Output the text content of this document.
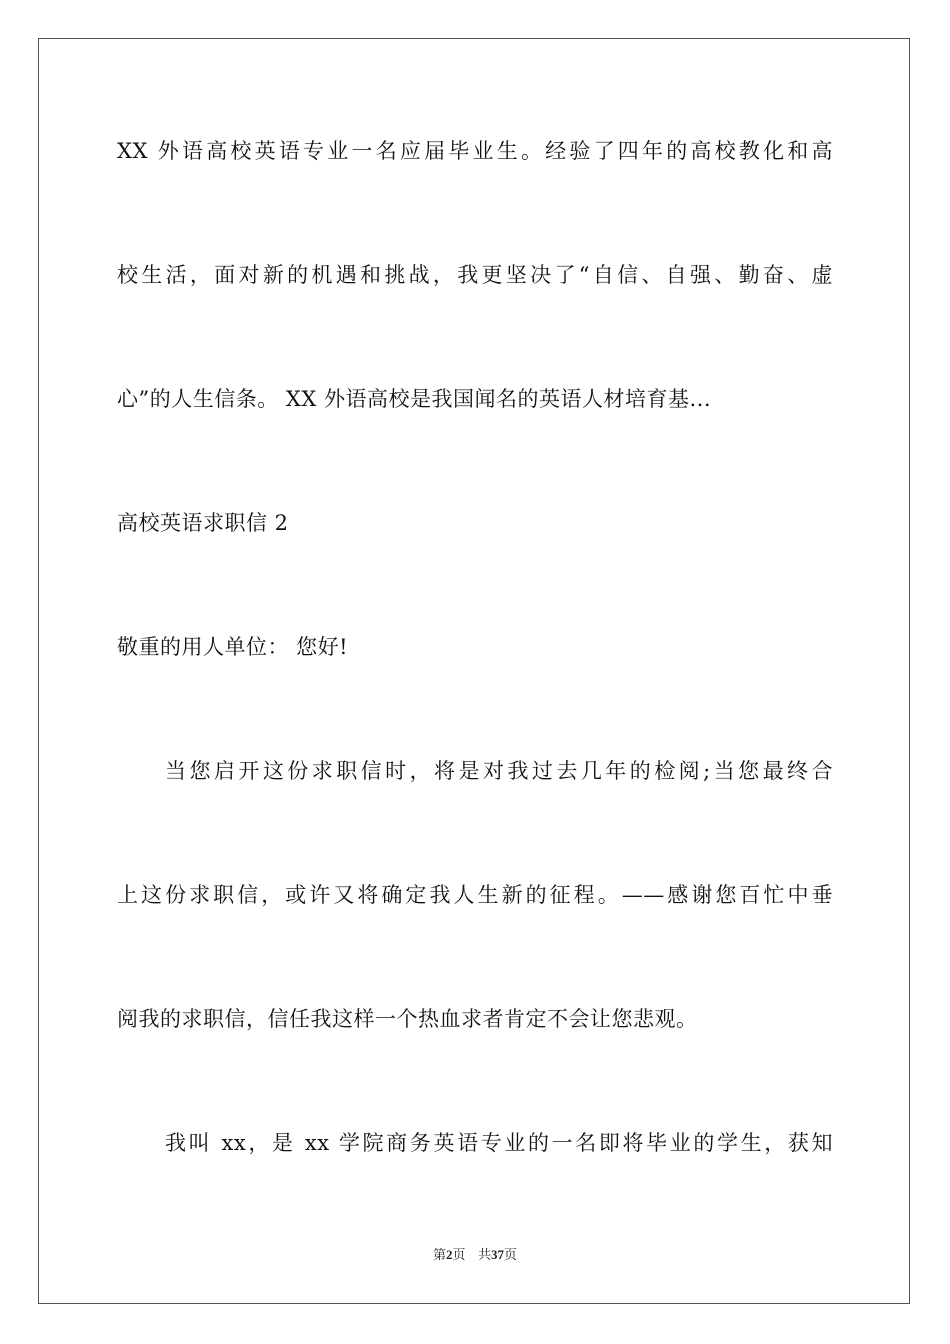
XX 外语高校英语专业一名应届毕业生。经验了四年的高校教化和高
校生活，面对新的机遇和挑战，我更坚决了“自信、自强、勤奋、虚
心”的人生信条。 XX 外语高校是我国闻名的英语人材培育基...
高校英语求职信 2
敬重的用人单位： 您好!
当您启开这份求职信时，将是对我过去几年的检阅;当您最终合
上这份求职信，或许又将确定我人生新的征程。——感谢您百忙中垂
阅我的求职信，信任我这样一个热血求者肯定不会让您悲观。
我叫 xx，是 xx 学院商务英语专业的一名即将毕业的学生，获知
第2页 共37页
